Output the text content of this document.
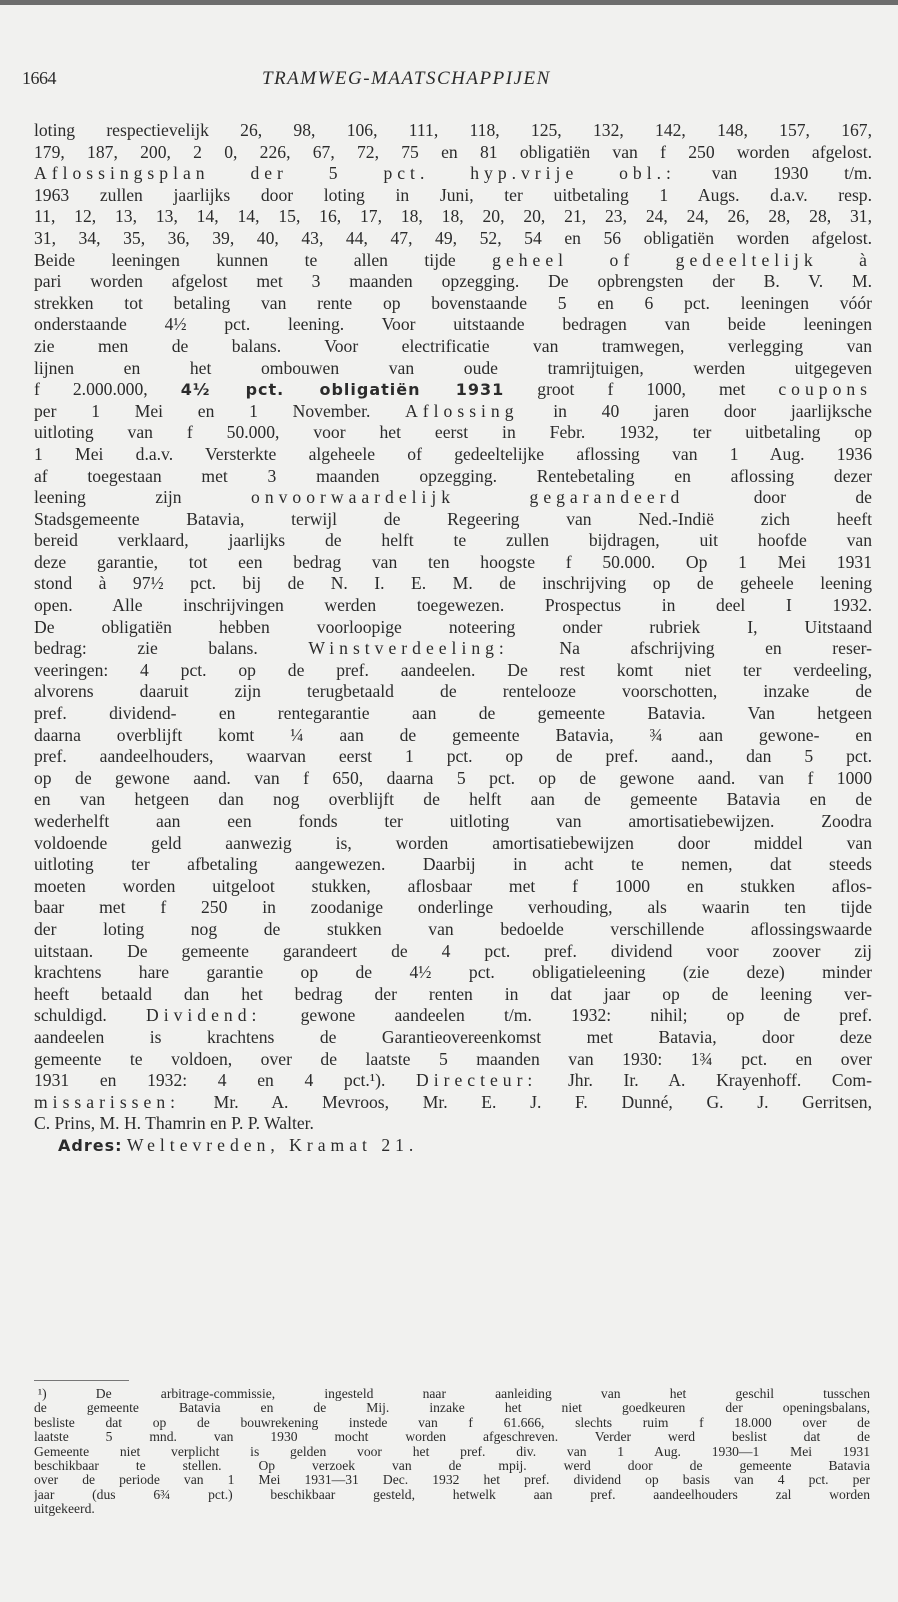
1664	TRAMWEG-MAATSCHAPPIJEN
loting respectievelijk 26, 98, 106, 111, 118, 125, 132, 142, 148, 157, 167,
179, 187, 200, 2 0, 226, 67, 72, 75 en 81 obligatiën van f 250 worden afgelost.
Aflossingsplan der 5 pct. hyp.vrije obl.: van 1930 t/m.
1963 zullen jaarlijks door loting in Juni, ter uitbetaling 1 Augs. d.a.v. resp.
11, 12, 13, 13, 14, 14, 15, 16, 17, 18, 18, 20, 20, 21, 23, 24, 24, 26, 28, 28, 31,
31, 34, 35, 36, 39, 40, 43, 44, 47, 49, 52, 54 en 56 obligatiën worden afgelost.
Beide leeningen kunnen te allen tijde geheel of gedeeltelijk à
pari worden afgelost met 3 maanden opzegging. De opbrengsten der B. V. M.
strekken tot betaling van rente op bovenstaande 5 en 6 pct. leeningen vóór
onderstaande 4½ pct. leening. Voor uitstaande bedragen van beide leeningen
zie men de balans. Voor electrificatie van tramwegen, verlegging van
lijnen en het ombouwen van oude tramrijtuigen, werden uitgegeven
f 2.000.000, 4½ pct. obligatiën 1931 groot f 1000, met coupons
per 1 Mei en 1 November. Aflossing in 40 jaren door jaarlijksche
uitloting van f 50.000, voor het eerst in Febr. 1932, ter uitbetaling op
1 Mei d.a.v. Versterkte algeheele of gedeeltelijke aflossing van 1 Aug. 1936
af toegestaan met 3 maanden opzegging. Rentebetaling en aflossing dezer
leening zijn onvoorwaardelijk gegarandeerd door de
Stadsgemeente Batavia, terwijl de Regeering van Ned.-Indië zich heeft
bereid verklaard, jaarlijks de helft te zullen bijdragen, uit hoofde van
deze garantie, tot een bedrag van ten hoogste f 50.000. Op 1 Mei 1931
stond à 97½ pct. bij de N. I. E. M. de inschrijving op de geheele leening
open. Alle inschrijvingen werden toegewezen. Prospectus in deel I 1932.
De obligatiën hebben voorloopige noteering onder rubriek I, Uitstaand
bedrag: zie balans. Winstverdeeling: Na afschrijving en reser-
veeringen: 4 pct. op de pref. aandeelen. De rest komt niet ter verdeeling,
alvorens daaruit zijn terugbetaald de rentelooze voorschotten, inzake de
pref. dividend- en rentegarantie aan de gemeente Batavia. Van hetgeen
daarna overblijft komt ¼ aan de gemeente Batavia, ¾ aan gewone- en
pref. aandeelhouders, waarvan eerst 1 pct. op de pref. aand., dan 5 pct.
op de gewone aand. van f 650, daarna 5 pct. op de gewone aand. van f 1000
en van hetgeen dan nog overblijft de helft aan de gemeente Batavia en de
wederhelft aan een fonds ter uitloting van amortisatiebewijzen. Zoodra
voldoende geld aanwezig is, worden amortisatiebewijzen door middel van
uitloting ter afbetaling aangewezen. Daarbij in acht te nemen, dat steeds
moeten worden uitgeloot stukken, aflosbaar met f 1000 en stukken aflos-
baar met f 250 in zoodanige onderlinge verhouding, als waarin ten tijde
der loting nog de stukken van bedoelde verschillende aflossingswaarde
uitstaan. De gemeente garandeert de 4 pct. pref. dividend voor zoover zij
krachtens hare garantie op de 4½ pct. obligatieleening (zie deze) minder
heeft betaald dan het bedrag der renten in dat jaar op de leening ver-
schuldigd. Dividend: gewone aandeelen t/m. 1932: nihil; op de pref.
aandeelen is krachtens de Garantieovereenkomst met Batavia, door deze
gemeente te voldoen, over de laatste 5 maanden van 1930: 1¾ pct. en over
1931 en 1932: 4 en 4 pct.¹). Directeur: Jhr. Ir. A. Krayenhoff. Com-
missarissen: Mr. A. Mevroos, Mr. E. J. F. Dunné, G. J. Gerritsen,
C. Prins, M. H. Thamrin en P. P. Walter.
Adres: Weltevreden, Kramat 21.
¹) De arbitrage-commissie, ingesteld naar aanleiding van het geschil tusschen
de gemeente Batavia en de Mij. inzake het niet goedkeuren der openingsbalans,
besliste dat op de bouwrekening instede van f 61.666, slechts ruim f 18.000 over de
laatste 5 mnd. van 1930 mocht worden afgeschreven. Verder werd beslist dat de
Gemeente niet verplicht is gelden voor het pref. div. van 1 Aug. 1930—1 Mei 1931
beschikbaar te stellen. Op verzoek van de mpij. werd door de gemeente Batavia
over de periode van 1 Mei 1931—31 Dec. 1932 het pref. dividend op basis van 4 pct. per
jaar (dus 6¾ pct.) beschikbaar gesteld, hetwelk aan pref. aandeelhouders zal worden
uitgekeerd.
